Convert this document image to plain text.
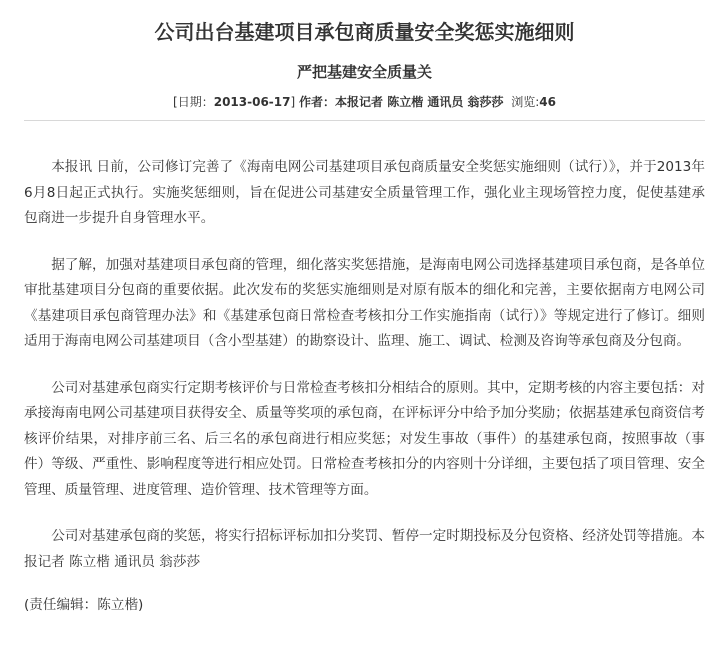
公司出台基建项目承包商质量安全奖惩实施细则
严把基建安全质量关
[日期：2013-06-17] 作者：本报记者 陈立楷 通讯员 翁莎莎 浏览:46

本报讯 日前，公司修订完善了《海南电网公司基建项目承包商质量安全奖惩实施细则（试行）》，并于2013年6月8日起正式执行。实施奖惩细则，旨在促进公司基建安全质量管理工作，强化业主现场管控力度，促使基建承包商进一步提升自身管理水平。

据了解，加强对基建项目承包商的管理，细化落实奖惩措施，是海南电网公司选择基建项目承包商，是各单位审批基建项目分包商的重要依据。此次发布的奖惩实施细则是对原有版本的细化和完善，主要依据南方电网公司《基建项目承包商管理办法》和《基建承包商日常检查考核扣分工作实施指南（试行）》等规定进行了修订。细则适用于海南电网公司基建项目（含小型基建）的勘察设计、监理、施工、调试、检测及咨询等承包商及分包商。

公司对基建承包商实行定期考核评价与日常检查考核扣分相结合的原则。其中，定期考核的内容主要包括：对承接海南电网公司基建项目获得安全、质量等奖项的承包商，在评标评分中给予加分奖励；依据基建承包商资信考核评价结果，对排序前三名、后三名的承包商进行相应奖惩；对发生事故（事件）的基建承包商，按照事故（事件）等级、严重性、影响程度等进行相应处罚。日常检查考核扣分的内容则十分详细，主要包括了项目管理、安全管理、质量管理、进度管理、造价管理、技术管理等方面。

公司对基建承包商的奖惩，将实行招标评标加扣分奖罚、暂停一定时期投标及分包资格、经济处罚等措施。本报记者 陈立楷 通讯员 翁莎莎

(责任编辑：陈立楷)
